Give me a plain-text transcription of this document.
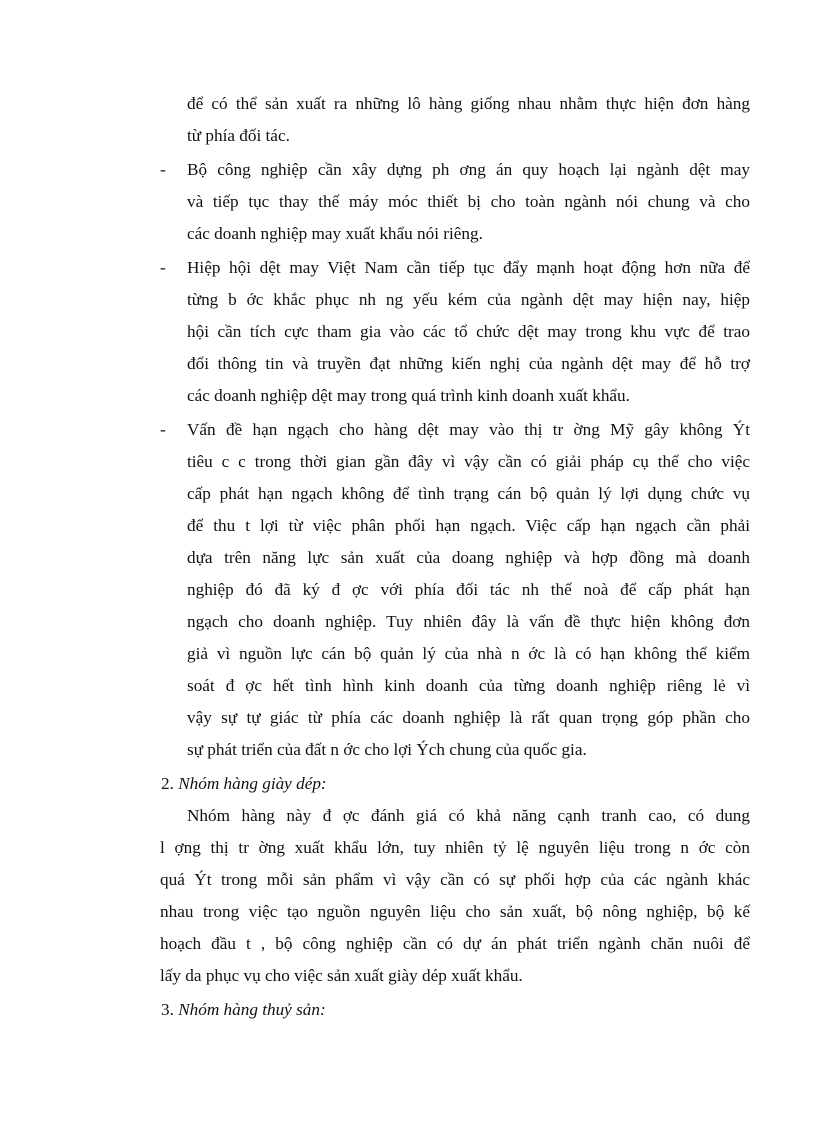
để có thể sản xuất ra những lô hàng giống nhau nhằm thực hiện đơn hàng
từ phía đối tác.
- Bộ công nghiệp cần xây dựng ph ơng án quy hoạch lại ngành dệt may
và tiếp tục thay thế máy móc thiết bị cho toàn ngành nói chung và cho
các doanh nghiệp may xuất khẩu nói riêng.
- Hiệp hội dệt may Việt Nam cần tiếp tục đẩy mạnh hoạt động hơn nữa để
từng b ớc khắc phục nh ng yếu kém của ngành dệt may hiện nay, hiệp
hội cần tích cực tham gia vào các tổ chức dệt may trong khu vực để trao
đổi thông tin và truyền đạt những kiến nghị của ngành dệt may để hỗ trợ
các doanh nghiệp dệt may trong quá trình kinh doanh xuất khẩu.
- Vấn đề hạn ngạch cho hàng dệt may vào thị tr ờng Mỹ gây không Ýt
tiêu c c trong thời gian gần đây vì vậy cần có giải pháp cụ thể cho việc
cấp phát hạn ngạch không để tình trạng cán bộ quản lý lợi dụng chức vụ
để thu t lợi từ việc phân phối hạn ngạch. Việc cấp hạn ngạch cần phải
dựa trên năng lực sản xuất của doang nghiệp và hợp đồng mà doanh
nghiệp đó đã ký đ ợc với phía đối tác nh thế noà để cấp phát hạn
ngạch cho doanh nghiệp. Tuy nhiên đây là vấn đề thực hiện không đơn
giả vì nguồn lực cán bộ quản lý của nhà n ớc là có hạn không thể kiểm
soát đ ợc hết tình hình kinh doanh của từng doanh nghiệp riêng lẻ vì
vậy sự tự giác từ phía các doanh nghiệp là rất quan trọng góp phần cho
sự phát triển của đất n ớc cho lợi Ých chung của quốc gia.
2. Nhóm hàng giày dép:
Nhóm hàng này đ ợc đánh giá có khả năng cạnh tranh cao, có dung
l ợng thị tr ờng xuất khẩu lớn, tuy nhiên tỷ lệ nguyên liệu trong n ớc còn
quá Ýt trong mỗi sản phẩm vì vậy cần có sự phối hợp của các ngành khác
nhau trong việc tạo nguồn nguyên liệu cho sản xuất, bộ nông nghiệp, bộ kế
hoạch đầu t , bộ công nghiệp cần có dự án phát triển ngành chăn nuôi để
lấy da phục vụ cho việc sản xuất giày dép xuất khẩu.
3. Nhóm hàng thuỷ sản:
